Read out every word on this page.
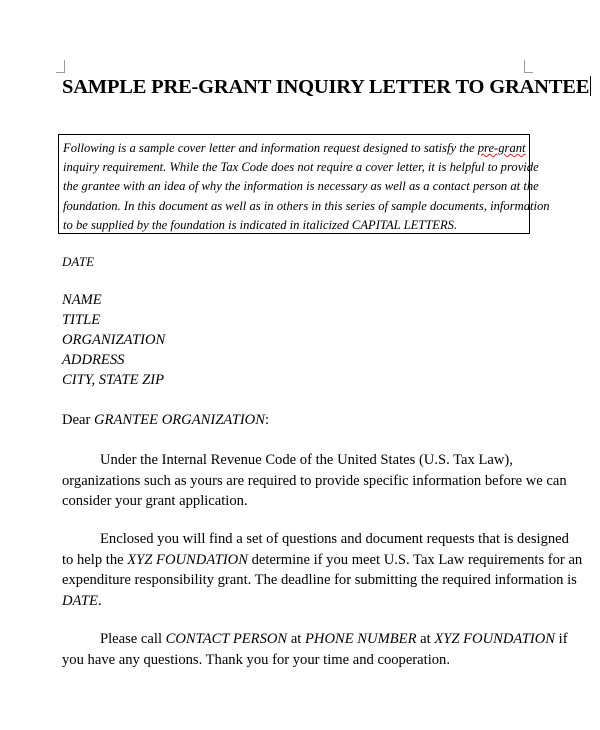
SAMPLE PRE-GRANT INQUIRY LETTER TO GRANTEE
Following is a sample cover letter and information request designed to satisfy the pre-grant
inquiry requirement. While the Tax Code does not require a cover letter, it is helpful to provide
the grantee with an idea of why the information is necessary as well as a contact person at the
foundation. In this document as well as in others in this series of sample documents, information
to be supplied by the foundation is indicated in italicized CAPITAL LETTERS.
DATE
NAME
TITLE
ORGANIZATION
ADDRESS
CITY, STATE ZIP
Dear GRANTEE ORGANIZATION:
Under the Internal Revenue Code of the United States (U.S. Tax Law),
organizations such as yours are required to provide specific information before we can
consider your grant application.
Enclosed you will find a set of questions and document requests that is designed
to help the XYZ FOUNDATION determine if you meet U.S. Tax Law requirements for an
expenditure responsibility grant. The deadline for submitting the required information is
DATE.
Please call CONTACT PERSON at PHONE NUMBER at XYZ FOUNDATION if
you have any questions. Thank you for your time and cooperation.
